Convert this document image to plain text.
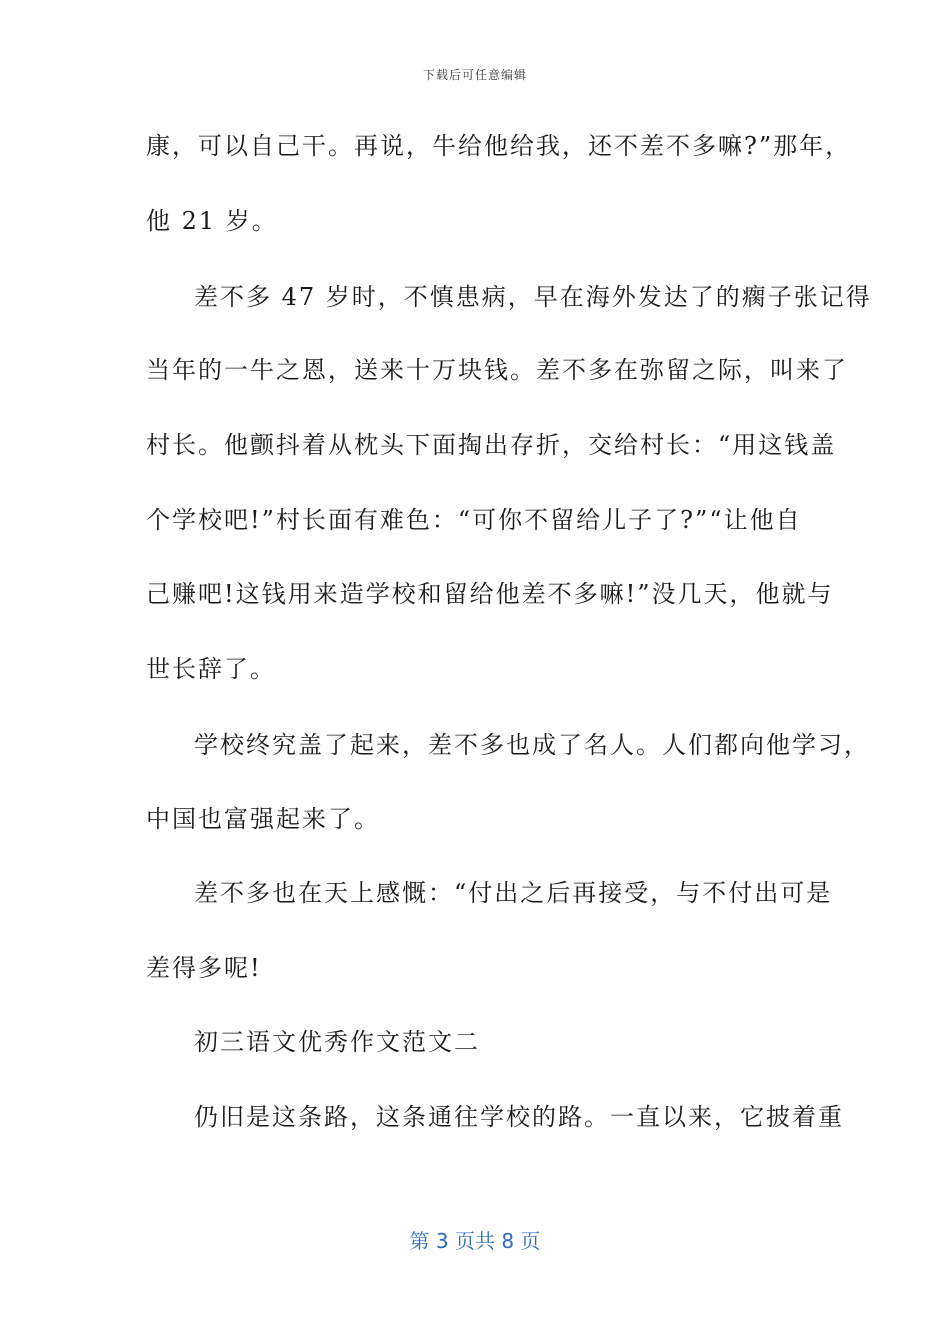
下载后可任意编辑
康，可以自己干。再说，牛给他给我，还不差不多嘛?”那年，
他 21 岁。
差不多 47 岁时，不慎患病，早在海外发达了的瘸子张记得
当年的一牛之恩，送来十万块钱。差不多在弥留之际，叫来了
村长。他颤抖着从枕头下面掏出存折，交给村长：“用这钱盖
个学校吧!”村长面有难色：“可你不留给儿子了?”“让他自
己赚吧!这钱用来造学校和留给他差不多嘛!”没几天，他就与
世长辞了。
学校终究盖了起来，差不多也成了名人。人们都向他学习，
中国也富强起来了。
差不多也在天上感慨：“付出之后再接受，与不付出可是
差得多呢!
初三语文优秀作文范文二
仍旧是这条路，这条通往学校的路。一直以来，它披着重
第 3 页共 8 页
